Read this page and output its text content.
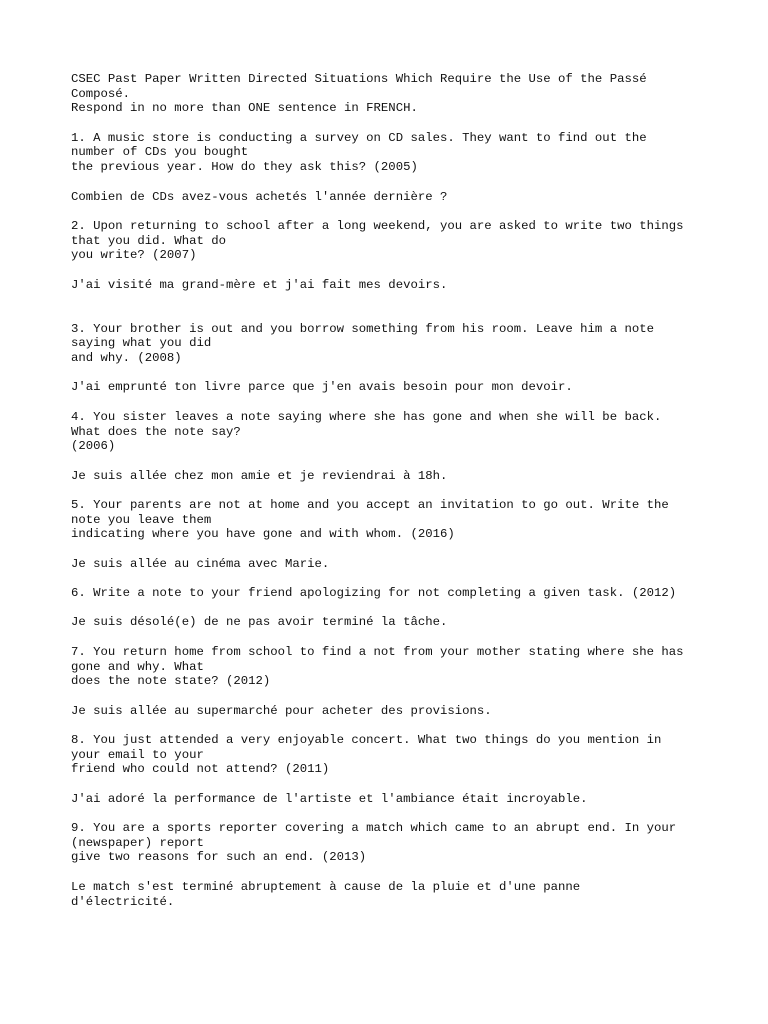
CSEC Past Paper Written Directed Situations Which Require the Use of the Passé
Composé.
Respond in no more than ONE sentence in FRENCH.
1. A music store is conducting a survey on CD sales. They want to find out the
number of CDs you bought
the previous year. How do they ask this? (2005)
Combien de CDs avez-vous achetés l'année dernière ?
2. Upon returning to school after a long weekend, you are asked to write two things
that you did. What do
you write? (2007)
J'ai visité ma grand-mère et j'ai fait mes devoirs.
3. Your brother is out and you borrow something from his room. Leave him a note
saying what you did
and why. (2008)
J'ai emprunté ton livre parce que j'en avais besoin pour mon devoir.
4. You sister leaves a note saying where she has gone and when she will be back.
What does the note say?
(2006)
Je suis allée chez mon amie et je reviendrai à 18h.
5. Your parents are not at home and you accept an invitation to go out. Write the
note you leave them
indicating where you have gone and with whom. (2016)
Je suis allée au cinéma avec Marie.
6. Write a note to your friend apologizing for not completing a given task. (2012)
Je suis désolé(e) de ne pas avoir terminé la tâche.
7. You return home from school to find a not from your mother stating where she has
gone and why. What
does the note state? (2012)
Je suis allée au supermarché pour acheter des provisions.
8. You just attended a very enjoyable concert. What two things do you mention in
your email to your
friend who could not attend? (2011)
J'ai adoré la performance de l'artiste et l'ambiance était incroyable.
9. You are a sports reporter covering a match which came to an abrupt end. In your
(newspaper) report
give two reasons for such an end. (2013)
Le match s'est terminé abruptement à cause de la pluie et d'une panne
d'électricité.
